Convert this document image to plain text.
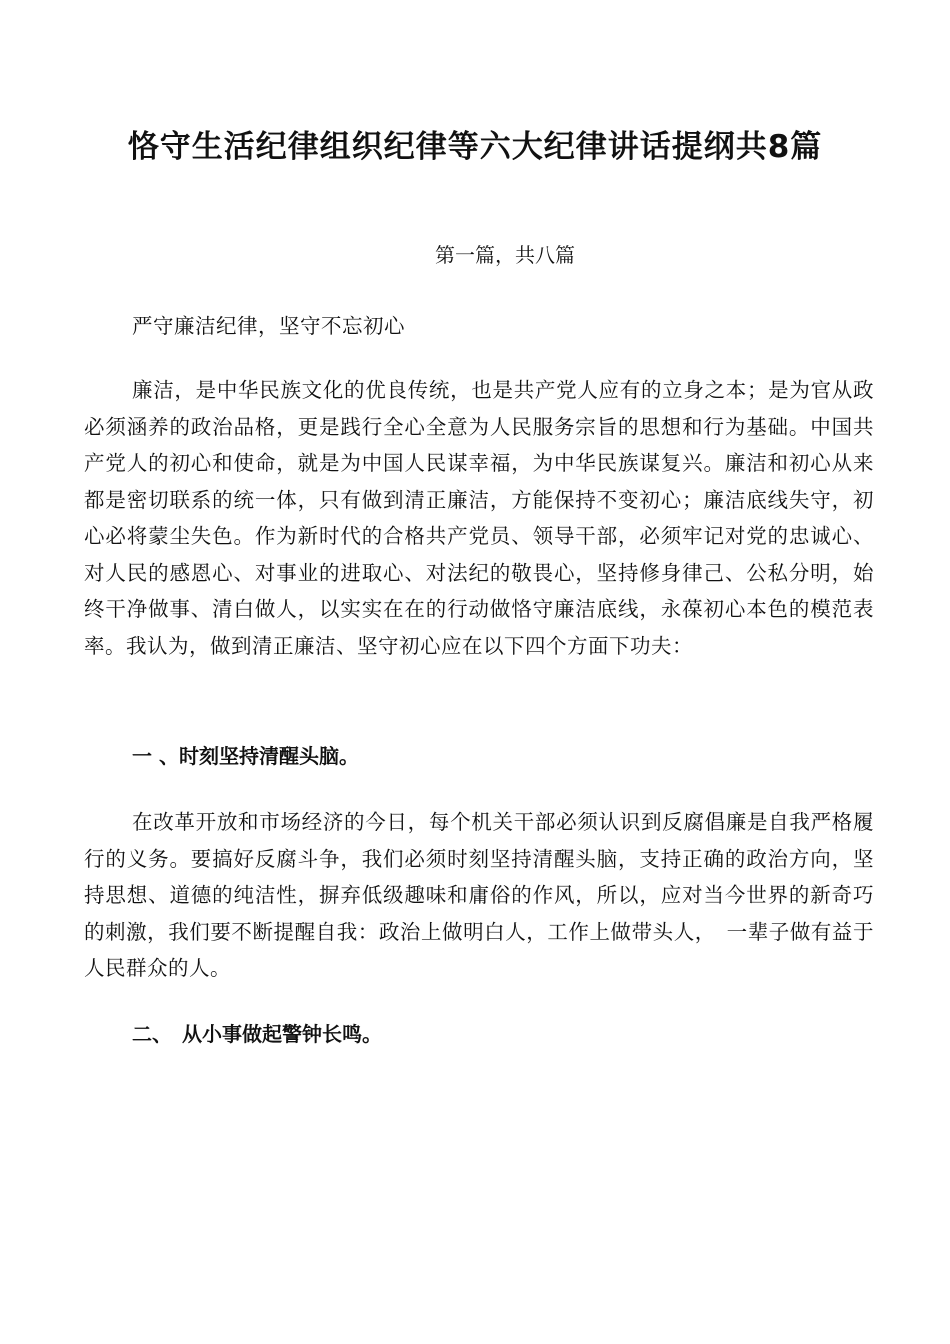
恪守生活纪律组织纪律等六大纪律讲话提纲共8篇

第一篇，共八篇

严守廉洁纪律，坚守不忘初心

廉洁，是中华民族文化的优良传统，也是共产党人应有的立身之本；是为官从政必须涵养的政治品格，更是践行全心全意为人民服务宗旨的思想和行为基础。中国共产党人的初心和使命，就是为中国人民谋幸福，为中华民族谋复兴。廉洁和初心从来都是密切联系的统一体，只有做到清正廉洁，方能保持不变初心；廉洁底线失守，初心必将蒙尘失色。作为新时代的合格共产党员、领导干部，必须牢记对党的忠诚心、对人民的感恩心、对事业的进取心、对法纪的敬畏心，坚持修身律己、公私分明，始终干净做事、清白做人，以实实在在的行动做恪守廉洁底线，永葆初心本色的模范表率。我认为，做到清正廉洁、坚守初心应在以下四个方面下功夫：

一 、时刻坚持清醒头脑。

在改革开放和市场经济的今日，每个机关干部必须认识到反腐倡廉是自我严格履行的义务。要搞好反腐斗争，我们必须时刻坚持清醒头脑，支持正确的政治方向，坚持思想、道德的纯洁性，摒弃低级趣味和庸俗的作风，所以，应对当今世界的新奇巧的刺激，我们要不断提醒自我：政治上做明白人，工作上做带头人，　一辈子做有益于人民群众的人。

二、　从小事做起警钟长鸣。
